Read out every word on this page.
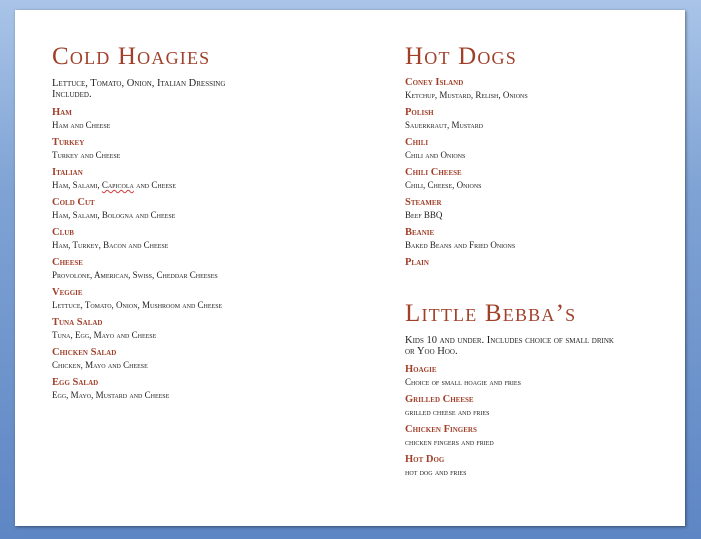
Cold Hoagies
Lettuce, Tomato, Onion, Italian Dressing Included.
Ham
Ham and Cheese
Turkey
Turkey and Cheese
Italian
Ham, Salami, Capicola and Cheese
Cold Cut
Ham, Salami, Bologna and Cheese
Club
Ham, Turkey, Bacon and Cheese
Cheese
Provolone, American, Swiss, Cheddar Cheeses
Veggie
Lettuce, Tomato, Onion, Mushroom and Cheese
Tuna Salad
Tuna, Egg, Mayo and Cheese
Chicken Salad
Chicken, Mayo and Cheese
Egg Salad
Egg, Mayo, Mustard and Cheese
Hot Dogs
Coney Island
Ketchup, Mustard, Relish, Onions
Polish
Sauerkraut, Mustard
Chili
Chili and Onions
Chili Cheese
Chili, Cheese, Onions
Steamer
Beef BBQ
Beanie
Baked Beans and Fried Onions
Plain
Little Bebba’s
Kids 10 and under. Includes choice of small drink or Yoo Hoo.
Hoagie
Choice of small hoagie and fries
Grilled Cheese
grilled cheese and fries
Chicken Fingers
chicken fingers and fried
Hot Dog
hot dog and fries
